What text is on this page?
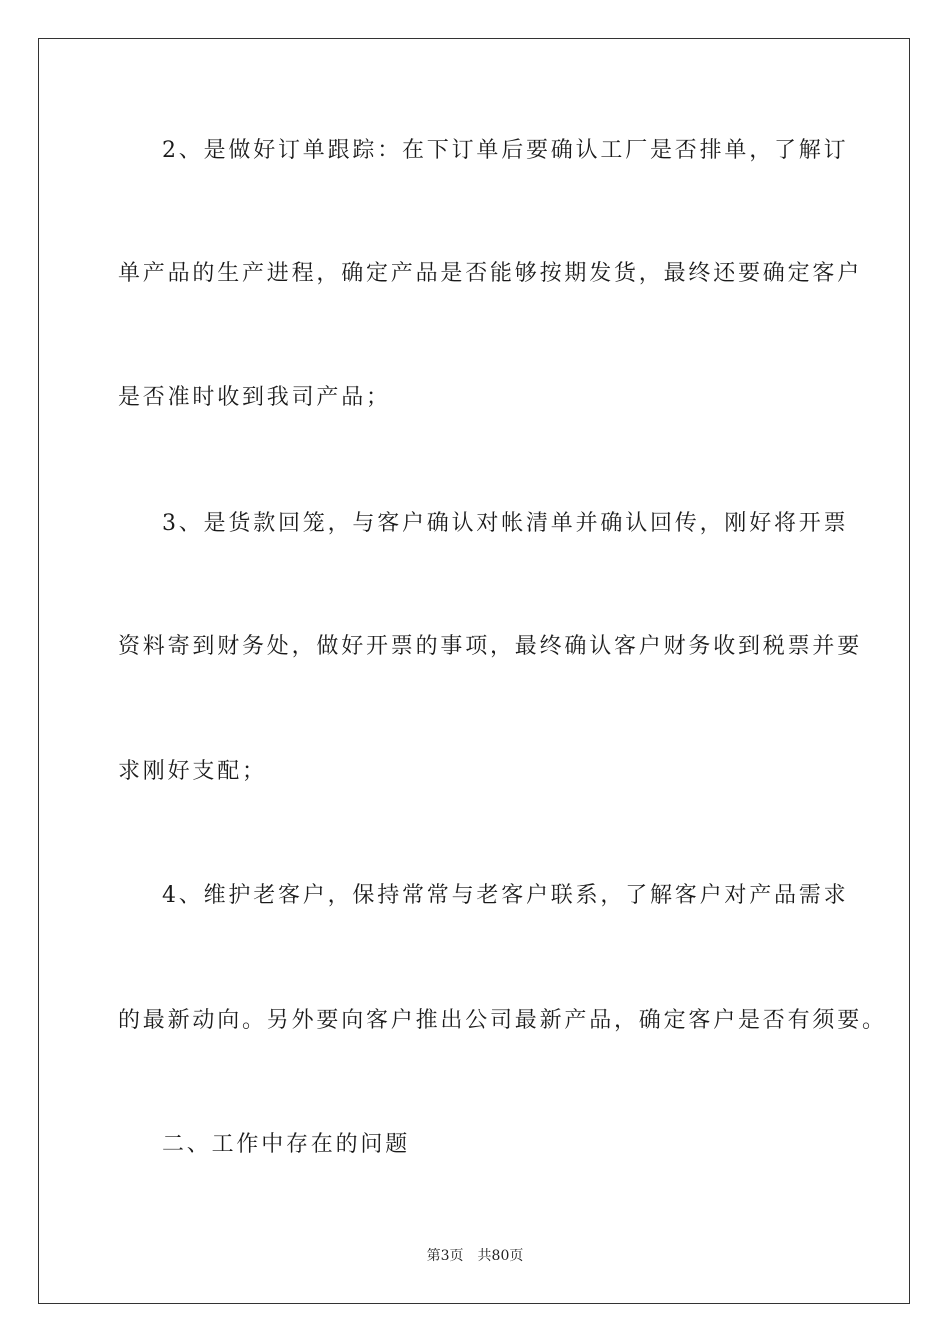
2、是做好订单跟踪：在下订单后要确认工厂是否排单，了解订
单产品的生产进程，确定产品是否能够按期发货，最终还要确定客户
是否准时收到我司产品；
3、是货款回笼，与客户确认对帐清单并确认回传，刚好将开票
资料寄到财务处，做好开票的事项，最终确认客户财务收到税票并要
求刚好支配；
4、维护老客户，保持常常与老客户联系，了解客户对产品需求
的最新动向。另外要向客户推出公司最新产品，确定客户是否有须要。
二、工作中存在的问题
第3页 共80页
